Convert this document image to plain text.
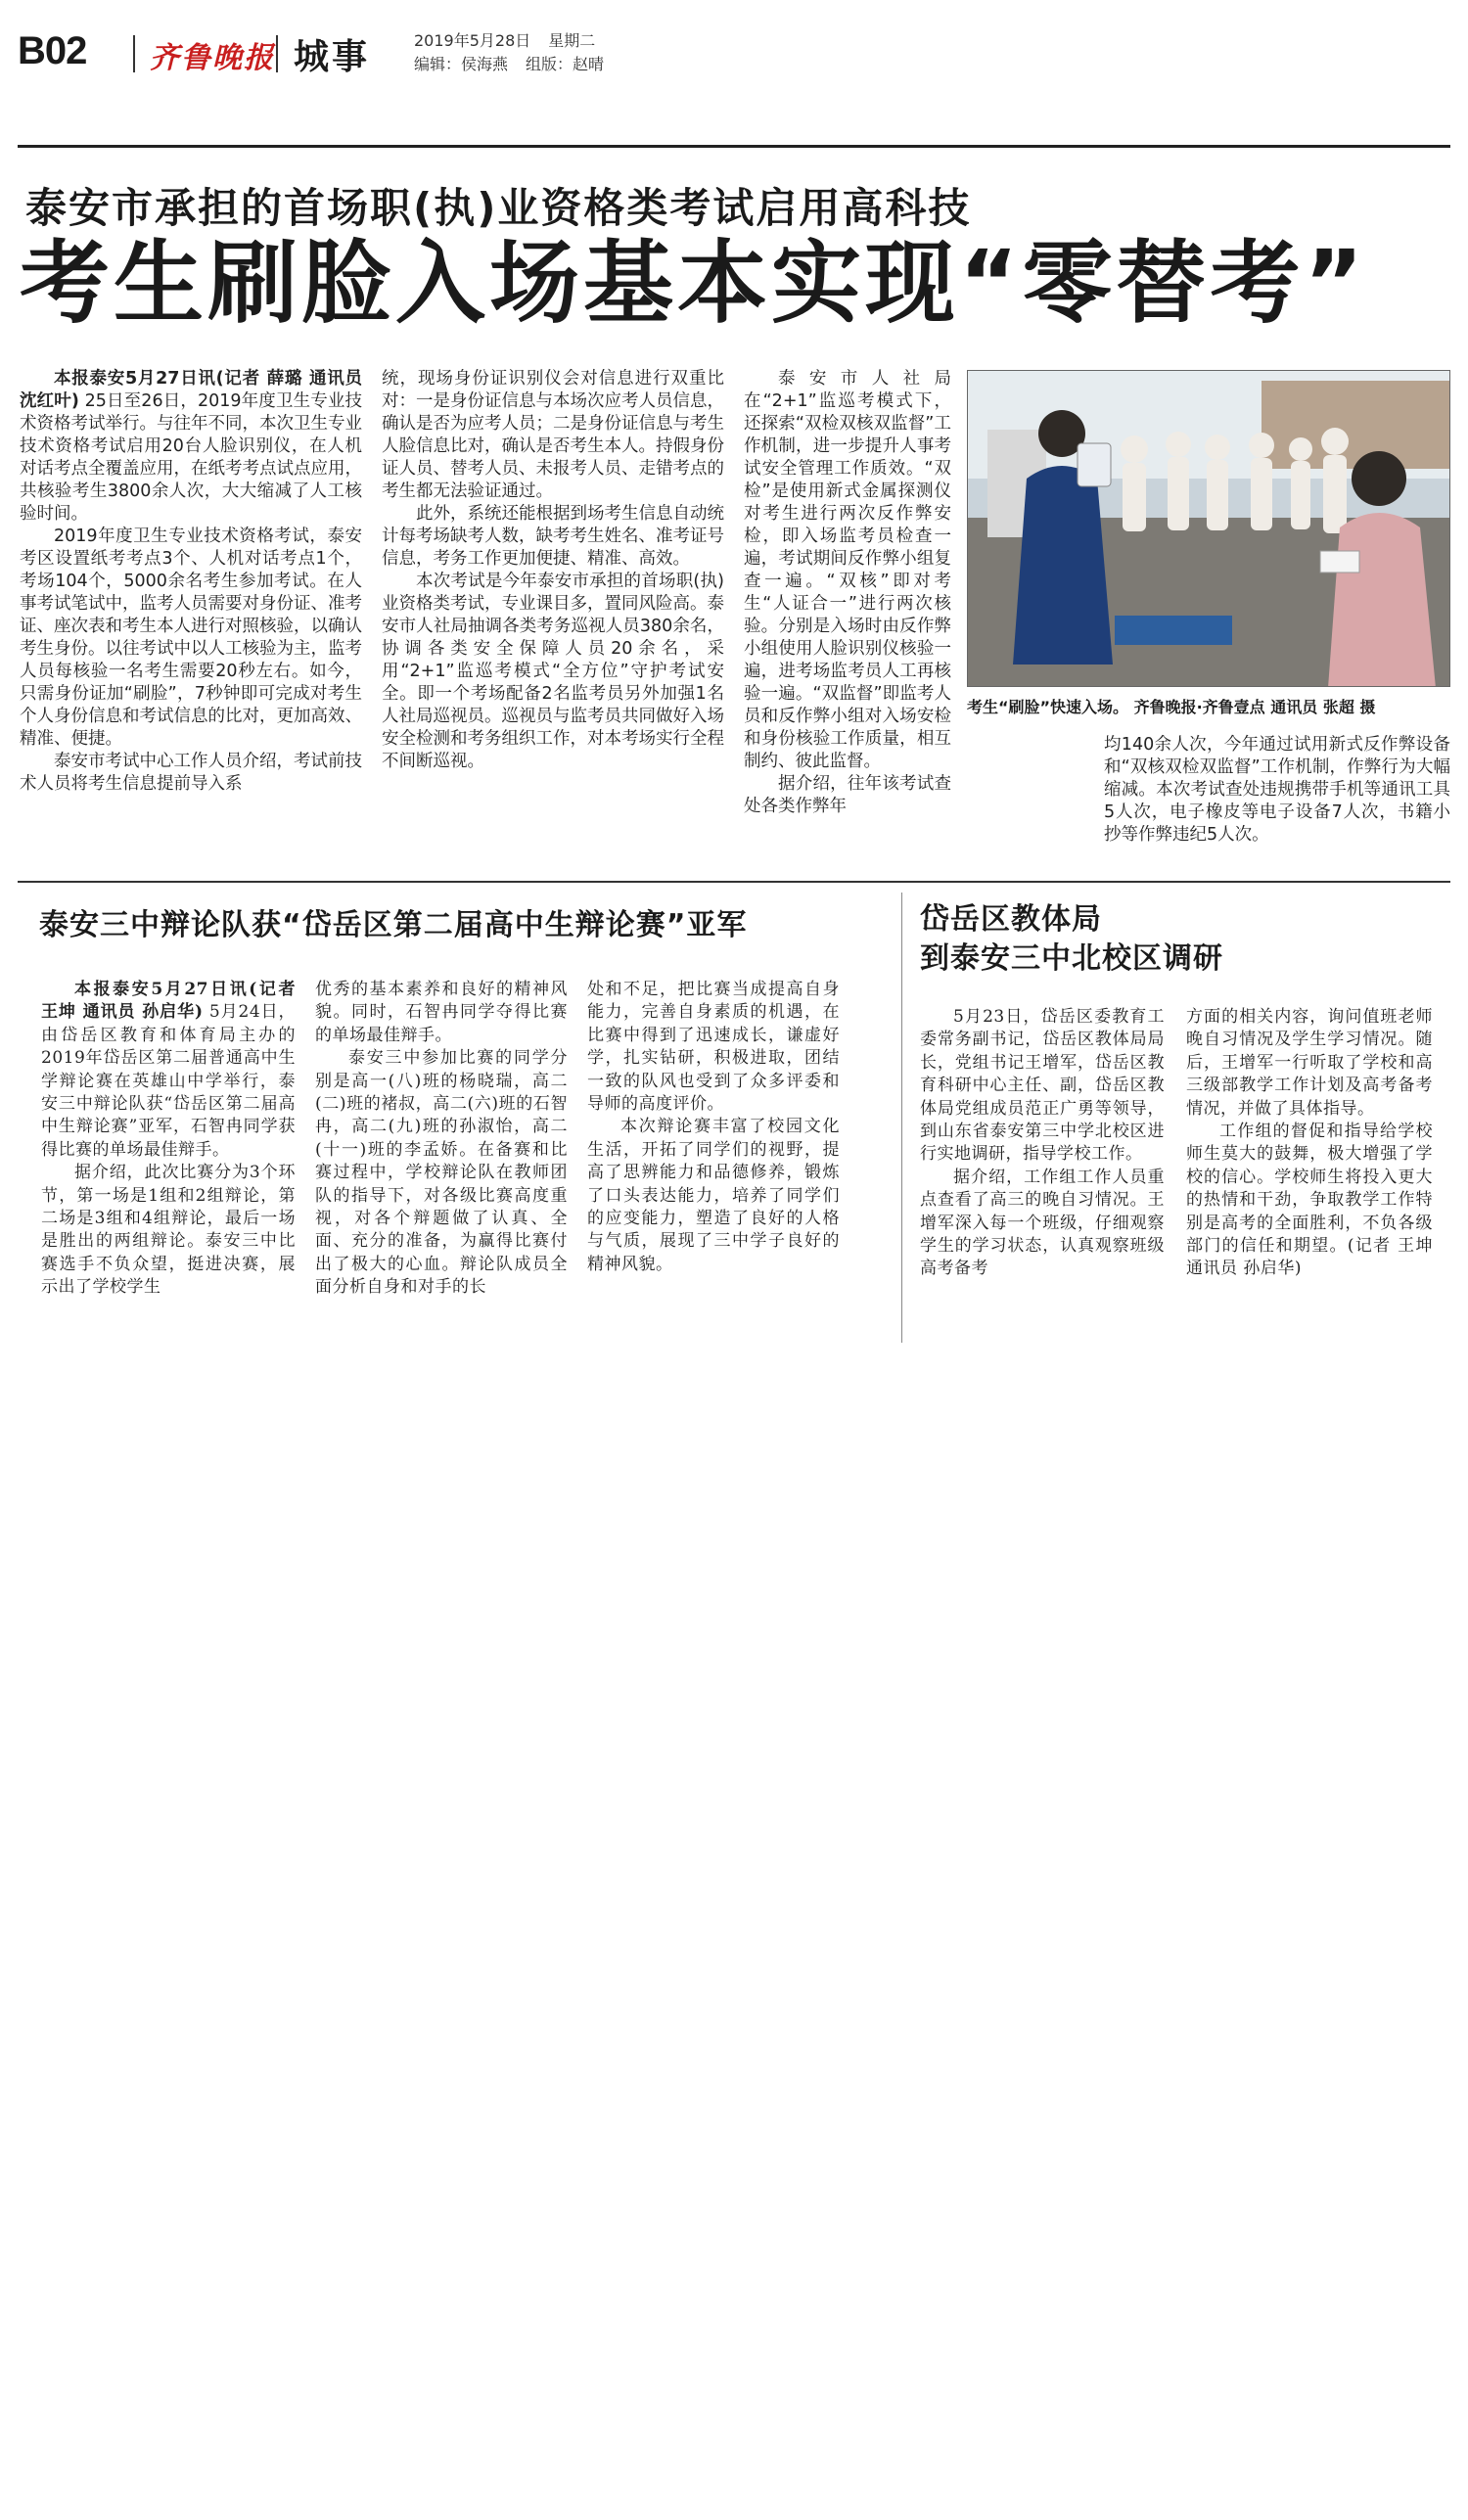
B02 齐鲁晚报 城事	2019年5月28日 星期二
编辑：侯海燕 组版：赵晴
泰安市承担的首场职(执)业资格类考试启用高科技
考生刷脸入场基本实现“零替考”

本报泰安5月27日讯(记者 薛璐 通讯员 沈红叶) 25日至26日，2019年度卫生专业技术资格考试举行。与往年不同，本次卫生专业技术资格考试启用20台人脸识别仪，在人机对话考点全覆盖应用，在纸考考点试点应用，共核验考生3800余人次，大大缩减了人工核验时间。

2019年度卫生专业技术资格考试，泰安考区设置纸考考点3个、人机对话考点1个，考场104个，5000余名考生参加考试。在人事考试笔试中，监考人员需要对身份证、准考证、座次表和考生本人进行对照核验，以确认考生身份。以往考试中以人工核验为主，监考人员每核验一名考生需要20秒左右。如今，只需身份证加“刷脸”，7秒钟即可完成对考生个人身份信息和考试信息的比对，更加高效、精准、便捷。

泰安市考试中心工作人员介绍，考试前技术人员将考生信息提前导入系

统，现场身份证识别仪会对信息进行双重比对：一是身份证信息与本场次应考人员信息，确认是否为应考人员；二是身份证信息与考生人脸信息比对，确认是否考生本人。持假身份证人员、替考人员、未报考人员、走错考点的考生都无法验证通过。

此外，系统还能根据到场考生信息自动统计每考场缺考人数，缺考考生姓名、准考证号信息，考务工作更加便捷、精准、高效。

本次考试是今年泰安市承担的首场职(执)业资格类考试，专业课目多，置同风险高。泰安市人社局抽调各类考务巡视人员380余名，协调各类安全保障人员20余名，采用“2+1”监巡考模式“全方位”守护考试安全。即一个考场配备2名监考员另外加强1名人社局巡视员。巡视员与监考员共同做好入场安全检测和考务组织工作，对本考场实行全程不间断巡视。

泰安市人社局在“2+1”监巡考模式下，还探索“双检双核双监督”工作机制，进一步提升人事考试安全管理工作质效。“双检”是使用新式金属探测仪对考生进行两次反作弊安检，即入场监考员检查一遍，考试期间反作弊小组复查一遍。“双核”即对考生“人证合一”进行两次核验。分别是入场时由反作弊小组使用人脸识别仪核验一遍，进考场监考员人工再核验一遍。“双监督”即监考人员和反作弊小组对入场安检和身份核验工作质量，相互制约、彼此监督。

据介绍，往年该考试查处各类作弊年

均140余人次，今年通过试用新式反作弊设备和“双核双检双监督”工作机制，作弊行为大幅缩减。本次考试查处违规携带手机等通讯工具5人次，电子橡皮等电子设备7人次，书籍小抄等作弊违纪5人次。

考生“刷脸”快速入场。 齐鲁晚报·齐鲁壹点 通讯员 张超 摄
泰安三中辩论队获“岱岳区第二届高中生辩论赛”亚军

本报泰安5月27日讯(记者 王坤 通讯员 孙启华) 5月24日，由岱岳区教育和体育局主办的2019年岱岳区第二届普通高中生学辩论赛在英雄山中学举行，泰安三中辩论队获“岱岳区第二届高中生辩论赛”亚军，石智冉同学获得比赛的单场最佳辩手。

据介绍，此次比赛分为3个环节，第一场是1组和2组辩论，第二场是3组和4组辩论，最后一场是胜出的两组辩论。泰安三中比赛选手不负众望，挺进决赛，展示出了学校学生

优秀的基本素养和良好的精神风貌。同时，石智冉同学夺得比赛的单场最佳辩手。

泰安三中参加比赛的同学分别是高一(八)班的杨晓瑞，高二(二)班的褚叔，高二(六)班的石智冉，高二(九)班的孙淑怡，高二(十一)班的李孟娇。在备赛和比赛过程中，学校辩论队在教师团队的指导下，对各级比赛高度重视，对各个辩题做了认真、全面、充分的准备，为赢得比赛付出了极大的心血。辩论队成员全面分析自身和对手的长

处和不足，把比赛当成提高自身能力，完善自身素质的机遇，在比赛中得到了迅速成长，谦虚好学，扎实钻研，积极进取，团结一致的队风也受到了众多评委和导师的高度评价。

本次辩论赛丰富了校园文化生活，开拓了同学们的视野，提高了思辨能力和品德修养，锻炼了口头表达能力，培养了同学们的应变能力，塑造了良好的人格与气质，展现了三中学子良好的精神风貌。

岱岳区教体局
到泰安三中北校区调研

5月23日，岱岳区委教育工委常务副书记，岱岳区教体局局长，党组书记王增军，岱岳区教育科研中心主任、副，岱岳区教体局党组成员范正广勇等领导，到山东省泰安第三中学北校区进行实地调研，指导学校工作。

据介绍，工作组工作人员重点查看了高三的晚自习情况。王增军深入每一个班级，仔细观察学生的学习状态，认真观察班级高考备考

方面的相关内容，询问值班老师晚自习情况及学生学习情况。随后，王增军一行听取了学校和高三级部教学工作计划及高考备考情况，并做了具体指导。

工作组的督促和指导给学校师生莫大的鼓舞，极大增强了学校的信心。学校师生将投入更大的热情和干劲，争取教学工作特别是高考的全面胜利，不负各级部门的信任和期望。(记者 王坤 通讯员 孙启华)
